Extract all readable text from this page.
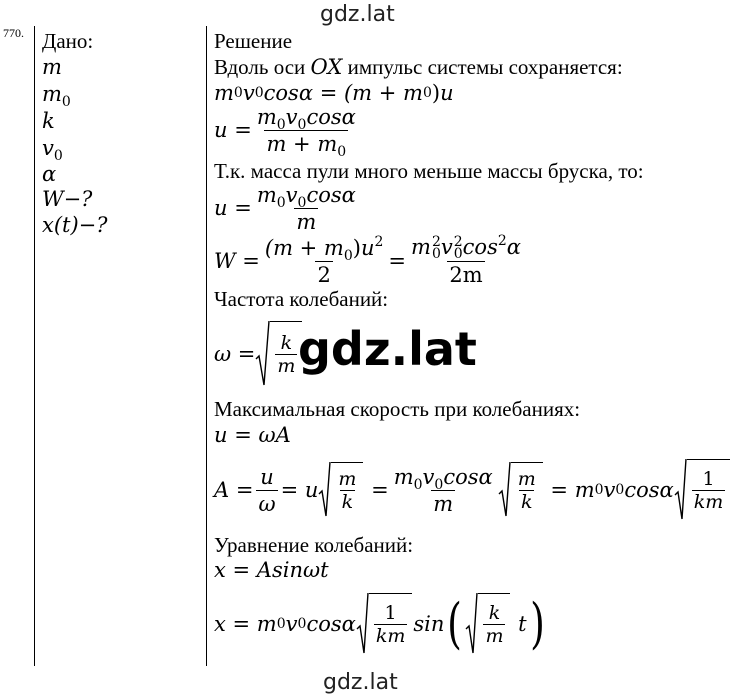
gdz.lat
gdz.lat
gdz.lat
770. Дано:
m
$m_0$
k
$v_0$
α
W−?
x(t)−?
Решение
Вдоль оси OX импульс системы сохраняется:
m 0 v 0 cosα = (m + m 0 ) u
$u = \frac{m_0v_0\cos\alpha}{m + m_0}$
Т.к. масса пули много меньше массы бруска, то:
$u = \frac{m_0v_0\cos\alpha}{m}$
$W = \frac{(m + m_0)u^2}{2} = m$ 2
0 v 2
0 $\cos^2\alpha$
2m
Частота колебаний:
$\omega = \frac{k}{m}$
Максимальная скорость при колебаниях:
u = ωA
$A = \frac{u}{\omega} = u \frac{m}{k} = \frac{m_0v_0\cos\alpha}{m} \frac{m}{k} = m$ 0 v 0 cosα $\frac{1}{km}$
Уравнение колебаний:
x = Asinωt
x = m 0 v 0 cosα $\frac{1}{km}$ sin ( $\frac{k}{m}$
t )
